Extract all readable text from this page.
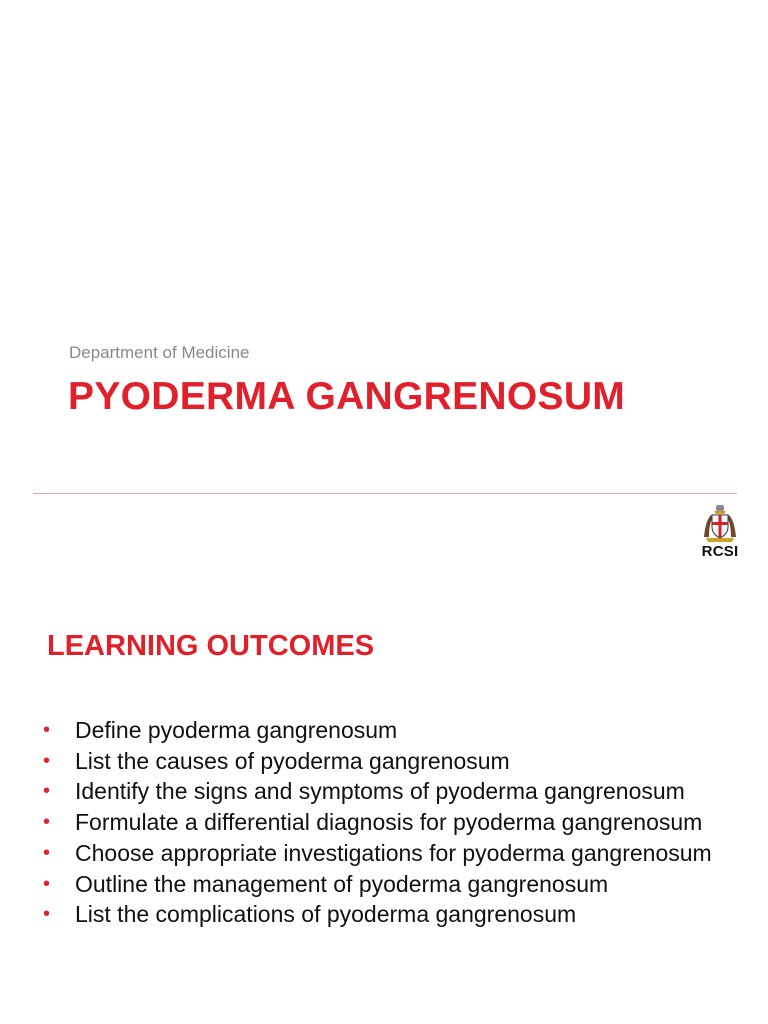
Department of Medicine
PYODERMA GANGRENOSUM
RCSI
LEARNING OUTCOMES
• Define pyoderma gangrenosum
• List the causes of pyoderma gangrenosum
• Identify the signs and symptoms of pyoderma gangrenosum
• Formulate a differential diagnosis for pyoderma gangrenosum
• Choose appropriate investigations for pyoderma gangrenosum
• Outline the management of pyoderma gangrenosum
• List the complications of pyoderma gangrenosum
